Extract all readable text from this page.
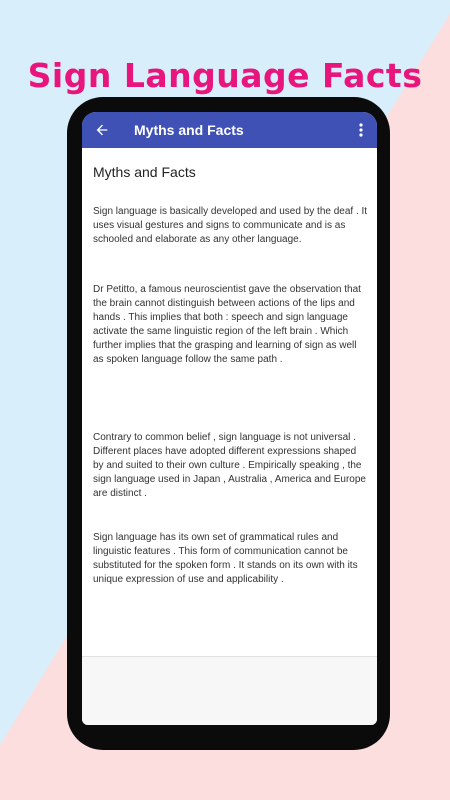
Sign Language Facts
Myths and Facts
Myths and Facts

Sign language is basically developed and used by the deaf . It uses visual gestures and signs to communicate and is as schooled and elaborate as any other language.

Dr Petitto, a famous neuroscientist gave the observation that the brain cannot distinguish between actions of the lips and hands . This implies that both : speech and sign language activate the same linguistic region of the left brain . Which further implies that the grasping and learning of sign as well as spoken language follow the same path .

Contrary to common belief , sign language is not universal . Different places have adopted different expressions shaped by and suited to their own culture . Empirically speaking , the sign language used in Japan , Australia , America and Europe are distinct .

Sign language has its own set of grammatical rules and linguistic features . This form of communication cannot be substituted for the spoken form . It stands on its own with its unique expression of use and applicability .
